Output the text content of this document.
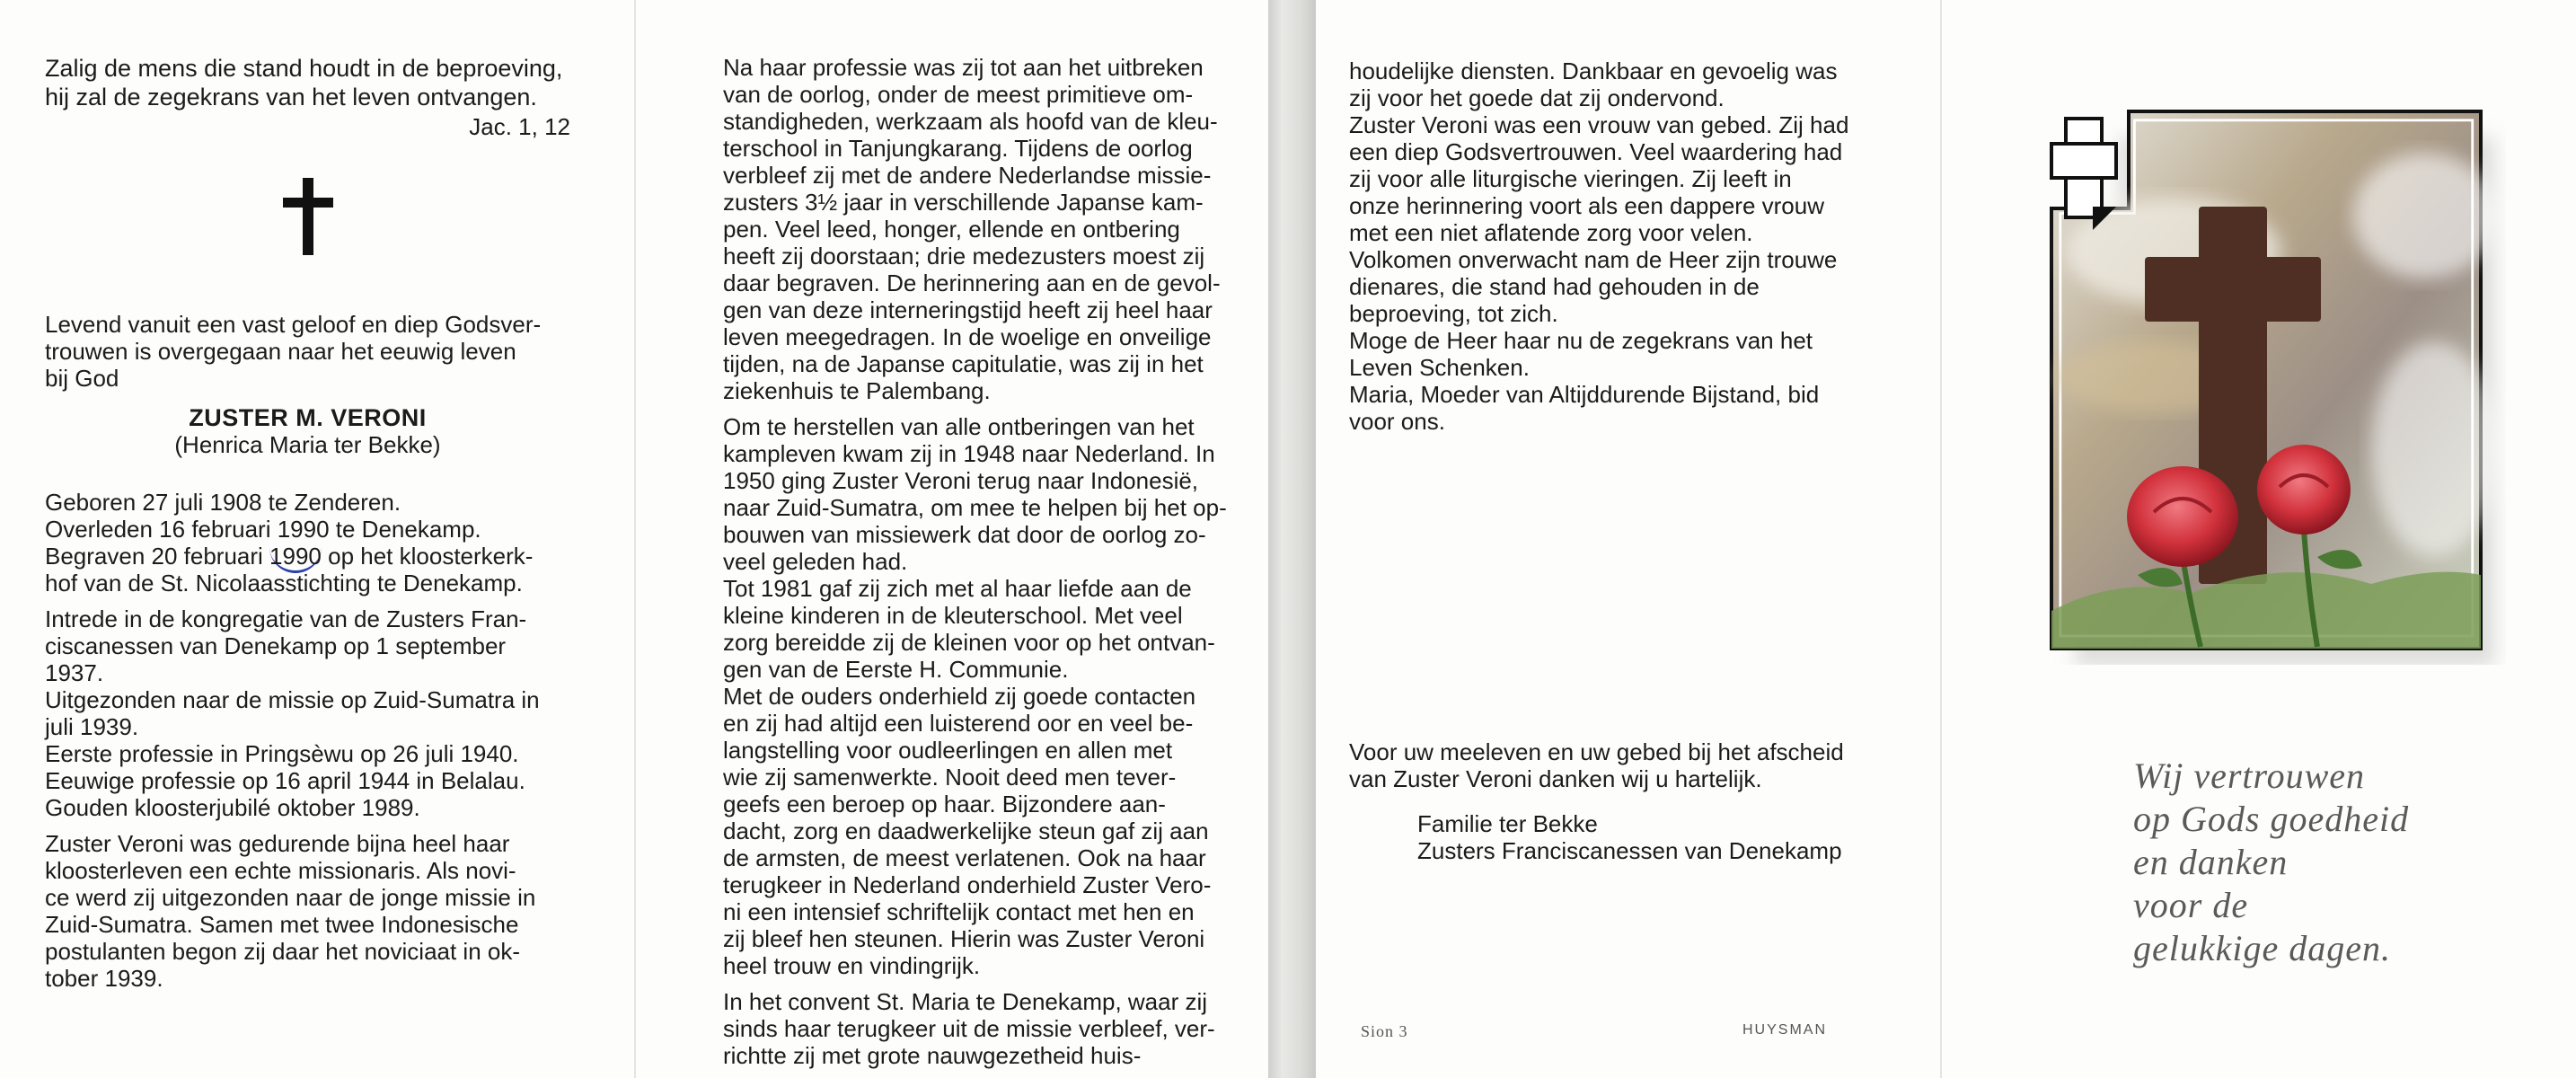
Zalig de mens die stand houdt in de beproeving,
hij zal de zegekrans van het leven ontvangen.
Jac. 1, 12
Levend vanuit een vast geloof en diep Godsver-
trouwen is overgegaan naar het eeuwig leven
bij God
ZUSTER M. VERONI
(Henrica Maria ter Bekke)
Geboren 27 juli 1908 te Zenderen.
Overleden 16 februari 1990 te Denekamp.
Begraven 20 februari 1990 op het kloosterkerk-
hof van de St. Nicolaasstichting te Denekamp.
Intrede in de kongregatie van de Zusters Fran-
ciscanessen van Denekamp op 1 september
1937.
Uitgezonden naar de missie op Zuid-Sumatra in
juli 1939.
Eerste professie in Pringsèwu op 26 juli 1940.
Eeuwige professie op 16 april 1944 in Belalau.
Gouden kloosterjubilé oktober 1989.
Zuster Veroni was gedurende bijna heel haar
kloosterleven een echte missionaris. Als novi-
ce werd zij uitgezonden naar de jonge missie in
Zuid-Sumatra. Samen met twee Indonesische
postulanten begon zij daar het noviciaat in ok-
tober 1939.
Na haar professie was zij tot aan het uitbreken
van de oorlog, onder de meest primitieve om-
standigheden, werkzaam als hoofd van de kleu-
terschool in Tanjungkarang. Tijdens de oorlog
verbleef zij met de andere Nederlandse missie-
zusters 3½ jaar in verschillende Japanse kam-
pen. Veel leed, honger, ellende en ontbering
heeft zij doorstaan; drie medezusters moest zij
daar begraven. De herinnering aan en de gevol-
gen van deze interneringstijd heeft zij heel haar
leven meegedragen. In de woelige en onveilige
tijden, na de Japanse capitulatie, was zij in het
ziekenhuis te Palembang.
Om te herstellen van alle ontberingen van het
kampleven kwam zij in 1948 naar Nederland. In
1950 ging Zuster Veroni terug naar Indonesië,
naar Zuid-Sumatra, om mee te helpen bij het op-
bouwen van missiewerk dat door de oorlog zo-
veel geleden had.
Tot 1981 gaf zij zich met al haar liefde aan de
kleine kinderen in de kleuterschool. Met veel
zorg bereidde zij de kleinen voor op het ontvan-
gen van de Eerste H. Communie.
Met de ouders onderhield zij goede contacten
en zij had altijd een luisterend oor en veel be-
langstelling voor oudleerlingen en allen met
wie zij samenwerkte. Nooit deed men tever-
geefs een beroep op haar. Bijzondere aan-
dacht, zorg en daadwerkelijke steun gaf zij aan
de armsten, de meest verlatenen. Ook na haar
terugkeer in Nederland onderhield Zuster Vero-
ni een intensief schriftelijk contact met hen en
zij bleef hen steunen. Hierin was Zuster Veroni
heel trouw en vindingrijk.
In het convent St. Maria te Denekamp, waar zij
sinds haar terugkeer uit de missie verbleef, ver-
richtte zij met grote nauwgezetheid huis-
houdelijke diensten. Dankbaar en gevoelig was
zij voor het goede dat zij ondervond.
Zuster Veroni was een vrouw van gebed. Zij had
een diep Godsvertrouwen. Veel waardering had
zij voor alle liturgische vieringen. Zij leeft in
onze herinnering voort als een dappere vrouw
met een niet aflatende zorg voor velen.
Volkomen onverwacht nam de Heer zijn trouwe
dienares, die stand had gehouden in de
beproeving, tot zich.
Moge de Heer haar nu de zegekrans van het
Leven Schenken.
Maria, Moeder van Altijddurende Bijstand, bid
voor ons.
Voor uw meeleven en uw gebed bij het afscheid
van Zuster Veroni danken wij u hartelijk.
Familie ter Bekke
Zusters Franciscanessen van Denekamp
Sion 3	HUYSMAN
Wij vertrouwen
op Gods goedheid
en danken
voor de
gelukkige dagen.
